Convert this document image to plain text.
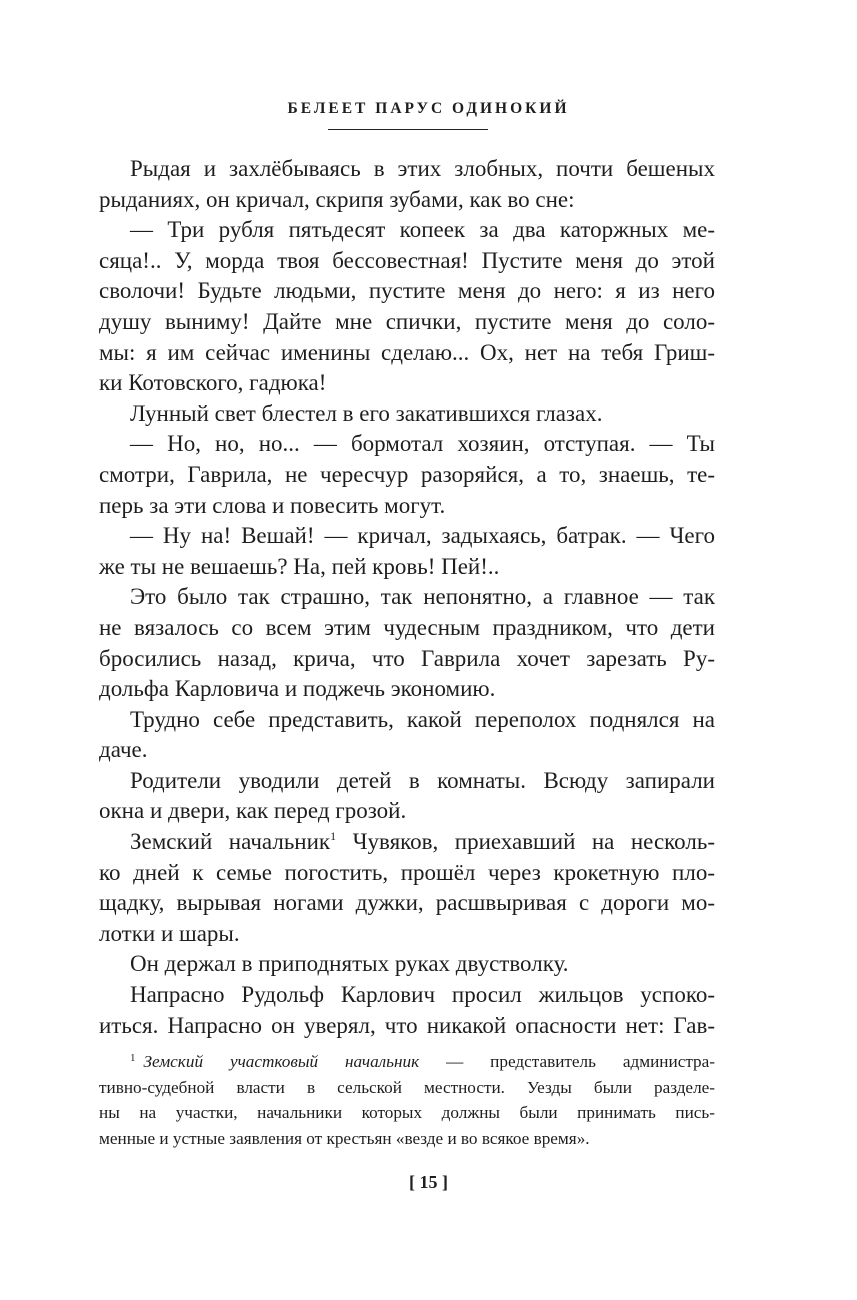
БЕЛЕЕТ ПАРУС ОДИНОКИЙ
Рыдая и захлёбываясь в этих злобных, почти бешеных
рыданиях, он кричал, скрипя зубами, как во сне:
— Три рубля пятьдесят копеек за два каторжных ме-
сяца!.. У, морда твоя бессовестная! Пустите меня до этой
сволочи! Будьте людьми, пустите меня до него: я из него
душу выниму! Дайте мне спички, пустите меня до соло-
мы: я им сейчас именины сделаю... Ох, нет на тебя Гриш-
ки Котовского, гадюка!
Лунный свет блестел в его закатившихся глазах.
— Но, но, но... — бормотал хозяин, отступая. — Ты
смотри, Гаврила, не чересчур разоряйся, а то, знаешь, те-
перь за эти слова и повесить могут.
— Ну на! Вешай! — кричал, задыхаясь, батрак. — Чего
же ты не вешаешь? На, пей кровь! Пей!..
Это было так страшно, так непонятно, а главное — так
не вязалось со всем этим чудесным праздником, что дети
бросились назад, крича, что Гаврила хочет зарезать Ру-
дольфа Карловича и поджечь экономию.
Трудно себе представить, какой переполох поднялся на
даче.
Родители уводили детей в комнаты. Всюду запирали
окна и двери, как перед грозой.
Земский начальник$^1$ Чувяков, приехавший на несколь-
ко дней к семье погостить, прошёл через крокетную пло-
щадку, вырывая ногами дужки, расшвыривая с дороги мо-
лотки и шары.
Он держал в приподнятых руках двустволку.
Напрасно Рудольф Карлович просил жильцов успоко-
иться. Напрасно он уверял, что никакой опасности нет: Гав-
$^1$ Земский участковый начальник — представитель администра-
тивно-судебной власти в сельской местности. Уезды были разделе-
ны на участки, начальники которых должны были принимать пись-
менные и устные заявления от крестьян «везде и во всякое время».
[ 15 ]
